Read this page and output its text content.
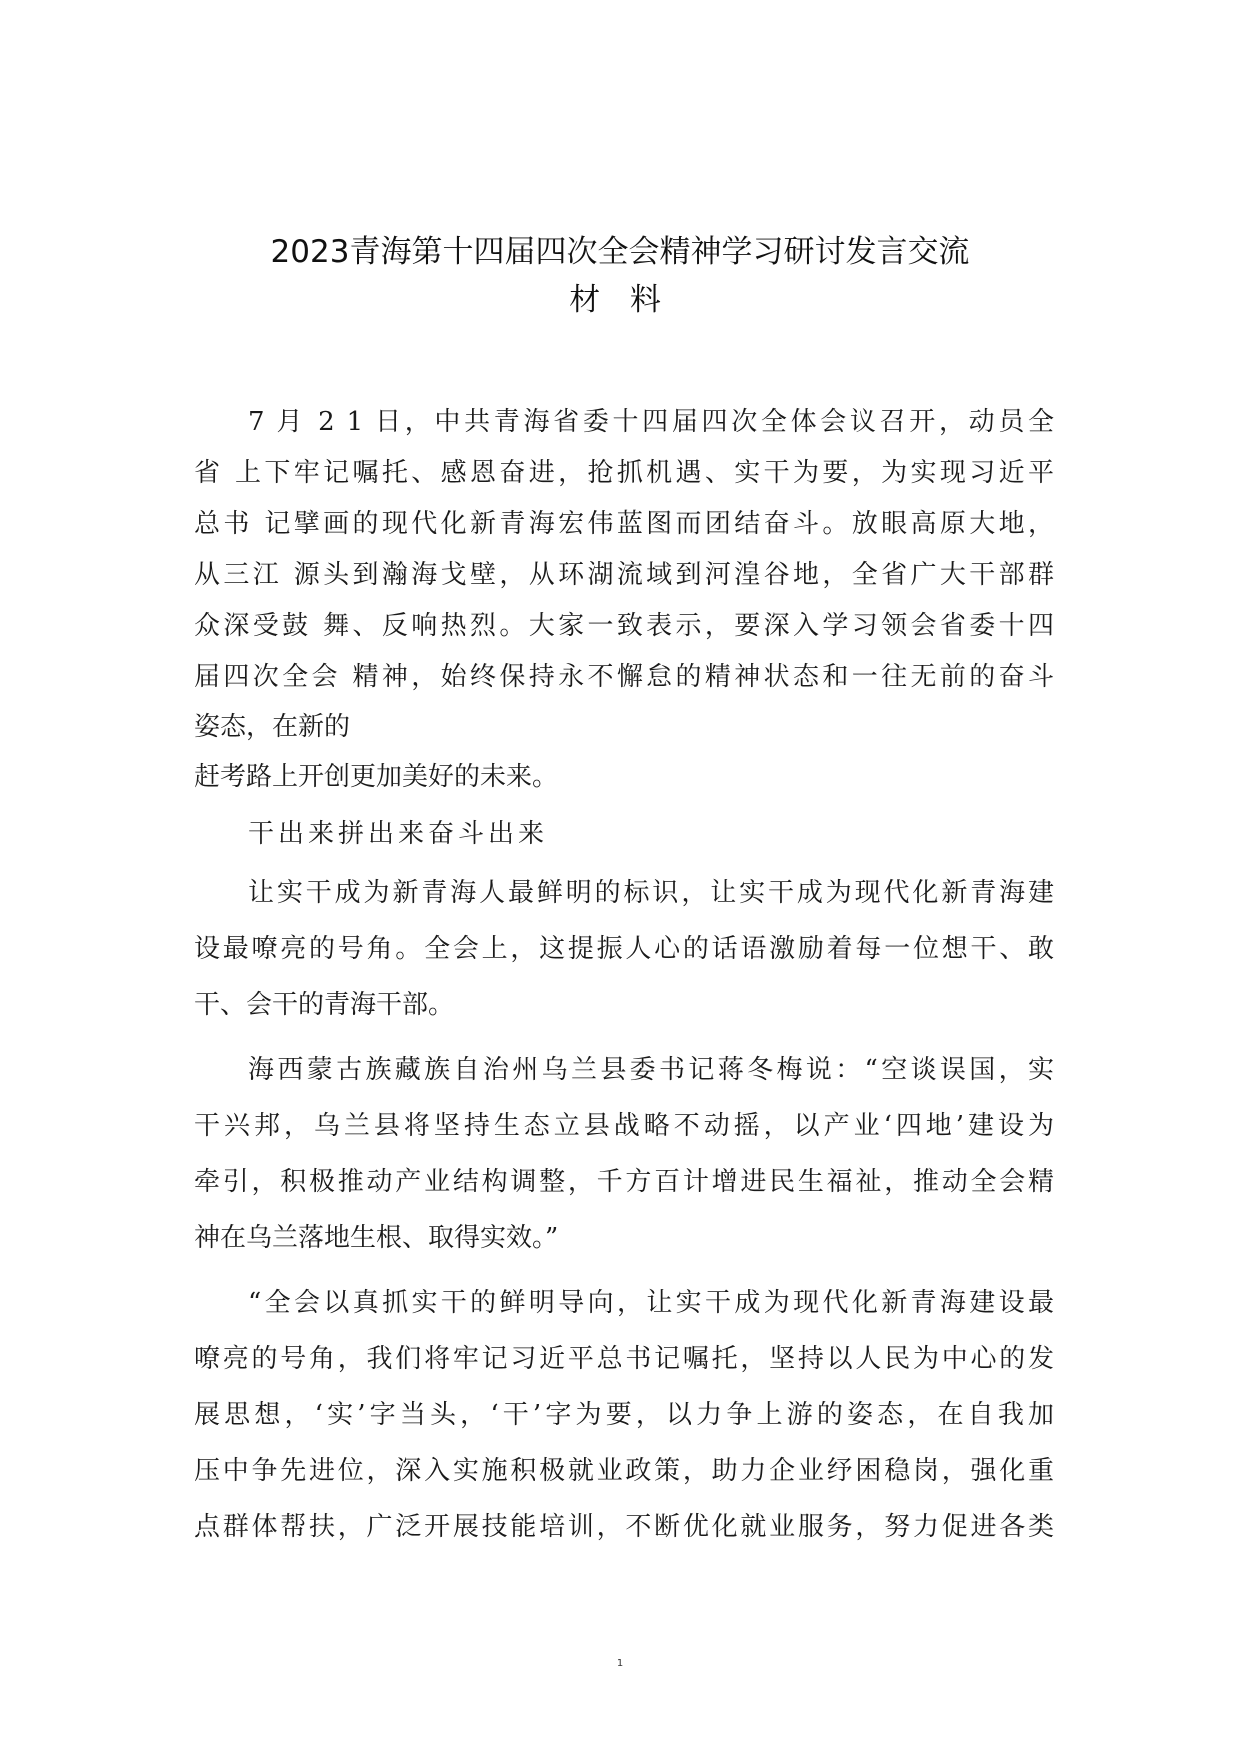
2023青海第十四届四次全会精神学习研讨发言交流
材 料

7 月 2 1 日，中共青海省委十四届四次全体会议召开，动员全

省 上下牢记嘱托、感恩奋进，抢抓机遇、实干为要，为实现习近平

总书 记擘画的现代化新青海宏伟蓝图而团结奋斗。放眼高原大地，

从三江 源头到瀚海戈壁，从环湖流域到河湟谷地，全省广大干部群

众深受鼓 舞、反响热烈。大家一致表示，要深入学习领会省委十四

届四次全会 精神，始终保持永不懈怠的精神状态和一往无前的奋斗

姿态，在新的

赶考路上开创更加美好的未来。

干出来拼出来奋斗出来

让实干成为新青海人最鲜明的标识，让实干成为现代化新青海建

设最嘹亮的号角。全会上，这提振人心的话语激励着每一位想干、敢

干、会干的青海干部。

海西蒙古族藏族自治州乌兰县委书记蒋冬梅说：“空谈误国，实

干兴邦，乌兰县将坚持生态立县战略不动摇，以产业‘四地’建设为

牵引，积极推动产业结构调整，千方百计增进民生福祉，推动全会精

神在乌兰落地生根、取得实效。”

“全会以真抓实干的鲜明导向，让实干成为现代化新青海建设最

嘹亮的号角，我们将牢记习近平总书记嘱托，坚持以人民为中心的发

展思想，‘实’字当头，‘干’字为要，以力争上游的姿态，在自我加

压中争先进位，深入实施积极就业政策，助力企业纾困稳岗，强化重

点群体帮扶，广泛开展技能培训，不断优化就业服务，努力促进各类

1
